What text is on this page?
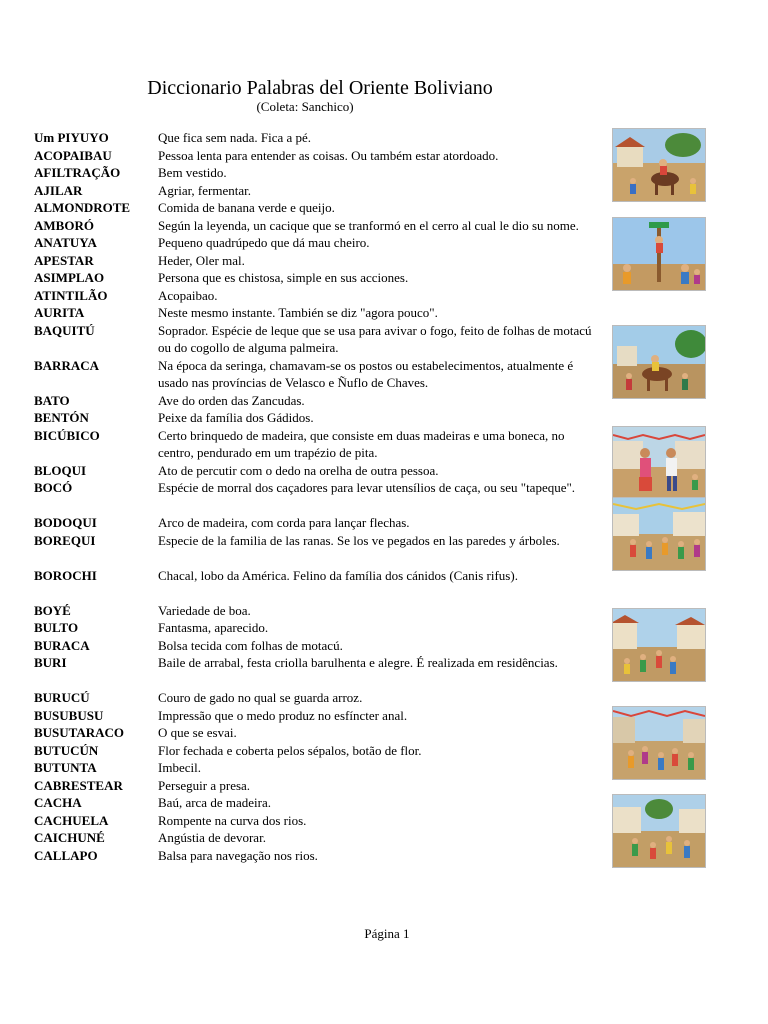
Diccionario Palabras del Oriente Boliviano
(Coleta: Sanchico)
Um PIYUYO	Que fica sem nada. Fica a pé.
ACOPAIBAU	Pessoa lenta para entender as coisas. Ou também estar atordoado.
AFILTRAÇÃO	Bem vestido.
AJILAR	Agriar, fermentar.
ALMONDROTE	Comida de banana verde e queijo.
AMBORÓ	Según la leyenda, un cacique que se tranformó en el cerro al cual le dio su nome.
ANATUYA	Pequeno quadrúpedo que dá mau cheiro.
APESTAR	Heder, Oler mal.
ASIMPLAO	Persona que es chistosa, simple en sus acciones.
ATINTILÃO	Acopaibao.
AURITA	Neste mesmo instante. También se diz "agora pouco".
BAQUITÚ	Soprador. Espécie de leque que se usa para avivar o fogo, feito de folhas de motacú ou do cogollo de alguma palmeira.
BARRACA	Na época da seringa, chamavam-se os postos ou estabelecimentos, atualmente é usado nas províncias de Velasco e Ñuflo de Chaves.
BATO	Ave do orden das Zancudas.
BENTÓN	Peixe da família dos Gádidos.
BICÚBICO	Certo brinquedo de madeira, que consiste em duas madeiras e uma boneca, no centro, pendurado em um trapézio de pita.
BLOQUI	Ato de percutir com o dedo na orelha de outra pessoa.
BOCÓ	Espécie de morral dos caçadores para levar utensílios de caça, ou seu "tapeque".
BODOQUI	Arco de madeira, com corda para lançar flechas.
BOREQUI	Especie de la familia de las ranas. Se los ve pegados en las paredes y árboles.
BOROCHI	Chacal, lobo da América. Felino da família dos cánidos (Canis rifus).
BOYÉ	Variedade de boa.
BULTO	Fantasma, aparecido.
BURACA	Bolsa tecida com folhas de motacú.
BURI	Baile de arrabal, festa criolla barulhenta e alegre. É realizada em residências.
BURUCÚ	Couro de gado no qual se guarda arroz.
BUSUBUSU	Impressão que o medo produz no esfíncter anal.
BUSUTARACO	O que se esvai.
BUTUCÚN	Flor fechada e coberta pelos sépalos, botão de flor.
BUTUNTA	Imbecil.
CABRESTEAR	Perseguir a presa.
CACHA	Baú, arca de madeira.
CACHUELA	Rompente na curva dos rios.
CAICHUNÉ	Angústia de devorar.
CALLAPO	Balsa para navegação nos rios.
Página 1
